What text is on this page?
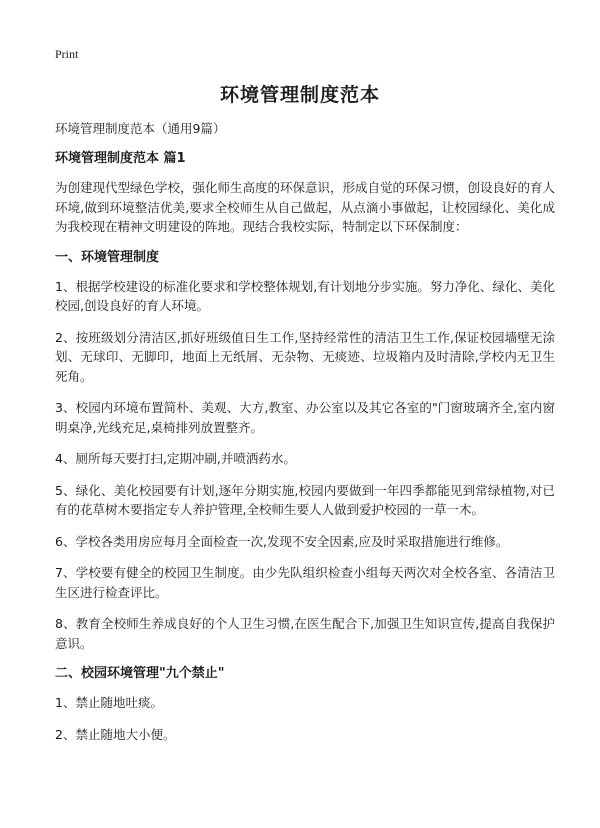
Print
环境管理制度范本

环境管理制度范本（通用9篇）

环境管理制度范本 篇1

为创建现代型绿色学校，强化师生高度的环保意识，形成自觉的环保习惯，创设良好的育人环境,做到环境整洁优美,要求全校师生从自己做起，从点滴小事做起，让校园绿化、美化成为我校现在精神文明建设的阵地。现结合我校实际，特制定以下环保制度：

一、环境管理制度

1、根据学校建设的标准化要求和学校整体规划,有计划地分步实施。努力净化、绿化、美化校园,创设良好的育人环境。

2、按班级划分清洁区,抓好班级值日生工作,坚持经常性的清洁卫生工作,保证校园墙壁无涂划、无球印、无脚印，地面上无纸屑、无杂物、无痰迹、垃圾箱内及时清除,学校内无卫生死角。

3、校园内环境布置简朴、美观、大方,教室、办公室以及其它各室的"门窗玻璃齐全,室内窗明桌净,光线充足,桌椅排列放置整齐。

4、厕所每天要打扫,定期冲刷,并喷洒药水。

5、绿化、美化校园要有计划,逐年分期实施,校园内要做到一年四季都能见到常绿植物,对已有的花草树木要指定专人养护管理,全校师生要人人做到爱护校园的一草一木。

6、学校各类用房应每月全面检查一次,发现不安全因素,应及时采取措施进行维修。

7、学校要有健全的校园卫生制度。由少先队组织检查小组每天两次对全校各室、各清洁卫生区进行检查评比。

8、教育全校师生养成良好的个人卫生习惯,在医生配合下,加强卫生知识宣传,提高自我保护意识。

二、校园环境管理"九个禁止"

1、禁止随地吐痰。

2、禁止随地大小便。
